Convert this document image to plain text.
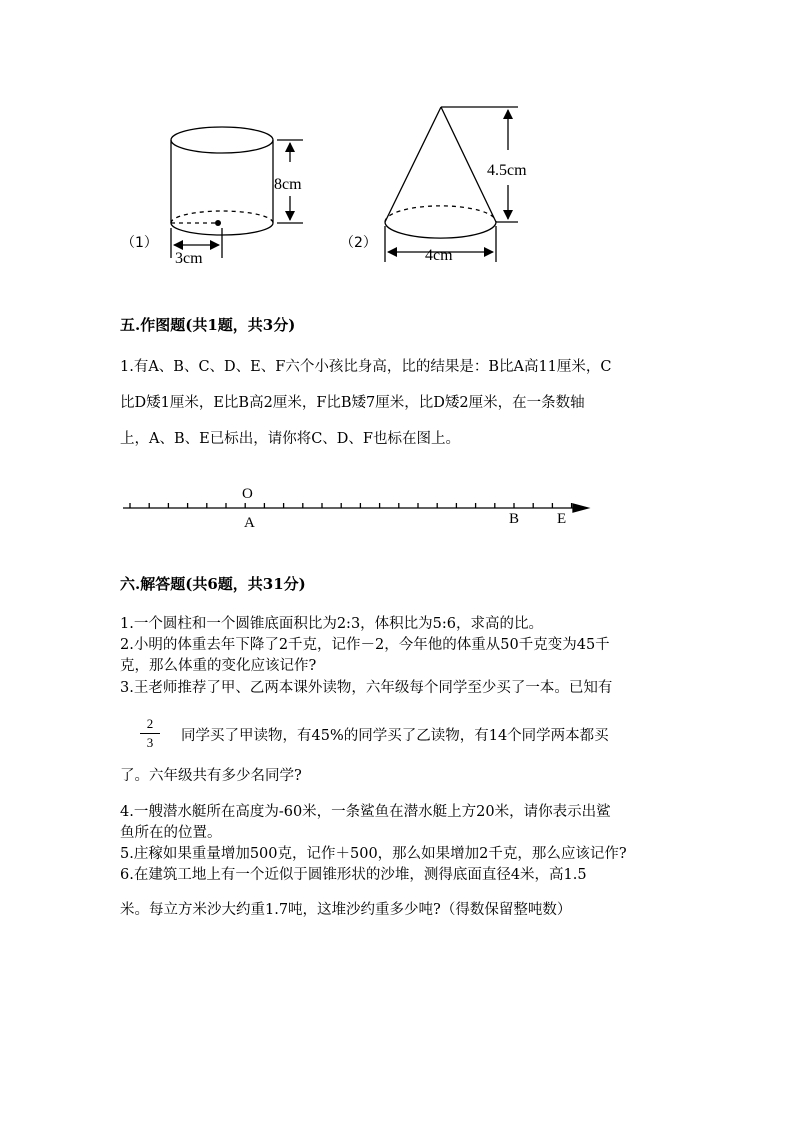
（1）
8cm
3cm
（2）
4.5cm
4cm
五.作图题(共1题，共3分)
1.有A、B、C、D、E、F六个小孩比身高，比的结果是：B比A高11厘米，C
比D矮1厘米，E比B高2厘米，F比B矮7厘米，比D矮2厘米，在一条数轴
上，A、B、E已标出，请你将C、D、F也标在图上。
O
A	B	E
六.解答题(共6题，共31分)
1.一个圆柱和一个圆锥底面积比为2:3，体积比为5:6，求高的比。
2.小明的体重去年下降了2千克，记作－2，今年他的体重从50千克变为45千
克，那么体重的变化应该记作?
3.王老师推荐了甲、乙两本课外读物，六年级每个同学至少买了一本。已知有
2
3	同学买了甲读物，有45%的同学买了乙读物，有14个同学两本都买
了。六年级共有多少名同学?
4.一艘潜水艇所在高度为-60米，一条鲨鱼在潜水艇上方20米，请你表示出鲨
鱼所在的位置。
5.庄稼如果重量增加500克，记作＋500，那么如果增加2千克，那么应该记作?
6.在建筑工地上有一个近似于圆锥形状的沙堆，测得底面直径4米，高1.5
米。每立方米沙大约重1.7吨，这堆沙约重多少吨?（得数保留整吨数）
